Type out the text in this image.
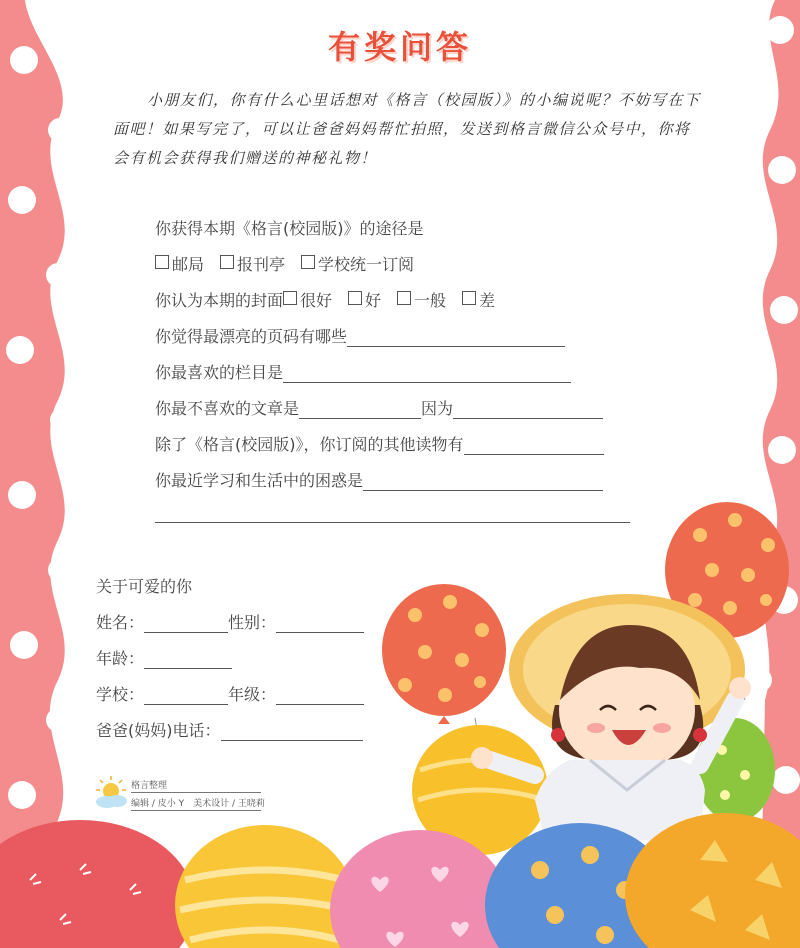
有奖问答
小朋友们，你有什么心里话想对《格言（校园版）》的小编说呢？不妨写在下面吧！如果写完了，可以让爸爸妈妈帮忙拍照，发送到格言微信公众号中，你将会有机会获得我们赠送的神秘礼物！
你获得本期《格言(校园版)》的途径是
邮局 报刊亭 学校统一订阅
你认为本期的封面 很好 好 一般 差
你觉得最漂亮的页码有哪些
你最喜欢的栏目是
你最不喜欢的文章是	因为
除了《格言(校园版)》，你订阅的其他读物有
你最近学习和生活中的困惑是
关于可爱的你
姓名：	性别：
年龄：
学校：	年级：
爸爸(妈妈)电话：
格言整理
编辑 / 皮小 Y　美术设计 / 王晓莉
